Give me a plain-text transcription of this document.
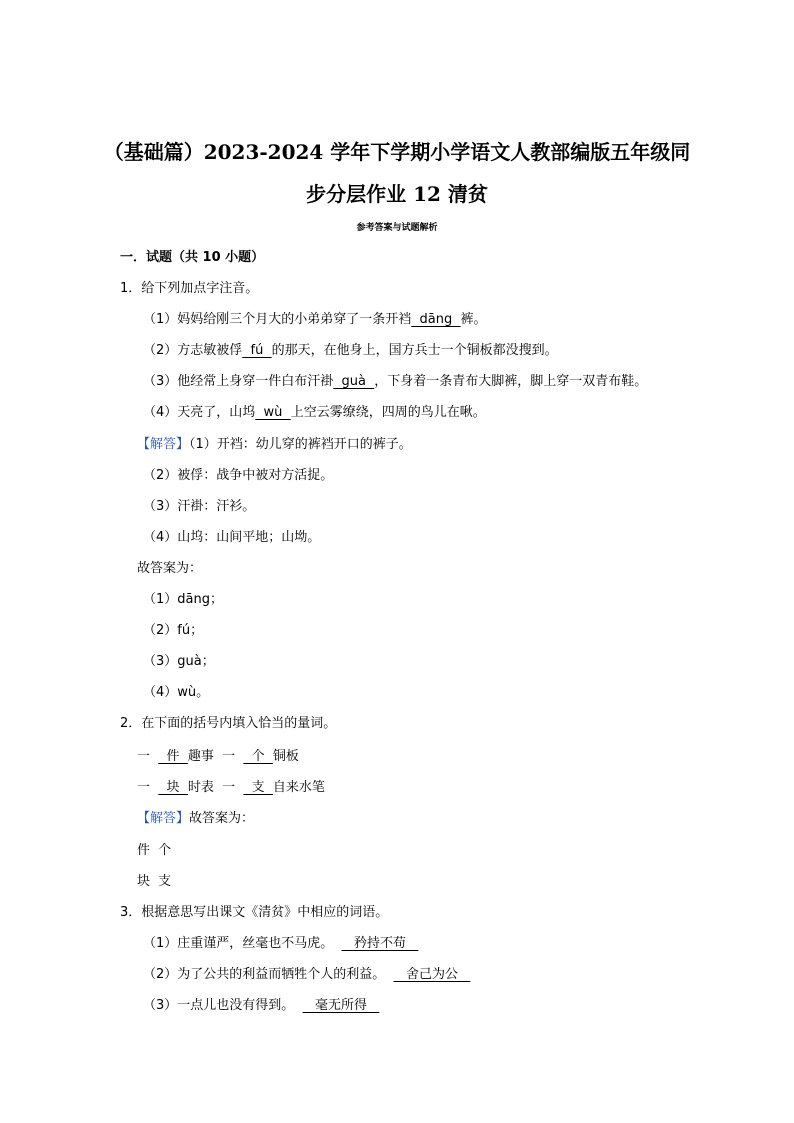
（基础篇）2023-2024 学年下学期小学语文人教部编版五年级同
步分层作业 12 清贫
参考答案与试题解析
一．试题（共 10 小题）
1．给下列加点字注音。
（1）妈妈给刚三个月大的小弟弟穿了一条开裆  dāng  裤。
（2）方志敏被俘  fú  的那天，在他身上，国方兵士一个铜板都没搜到。
（3）他经常上身穿一件白布汗褂  guà  ，下身着一条青布大脚裤，脚上穿一双青布鞋。
（4）天亮了，山坞  wù  上空云雾缭绕，四周的鸟儿在啾。
【解答】（1）开裆：幼儿穿的裤裆开口的裤子。
（2）被俘：战争中被对方活捉。
（3）汗褂：汗衫。
（4）山坞：山间平地；山坳。
故答案为：
（1）dāng；
（2）fú；
（3）guà；
（4）wù。
2．在下面的括号内填入恰当的量词。
一    件  趣事 一    个  铜板
一    块  时表 一    支  自来水笔
【解答】故答案为：
件 个
块 支
3．根据意思写出课文《清贫》中相应的词语。
（1）庄重谨严，丝毫也不马虎。     矜持不苟
（2）为了公共的利益而牺牲个人的利益。     舍己为公
（3）一点儿也没有得到。     毫无所得
